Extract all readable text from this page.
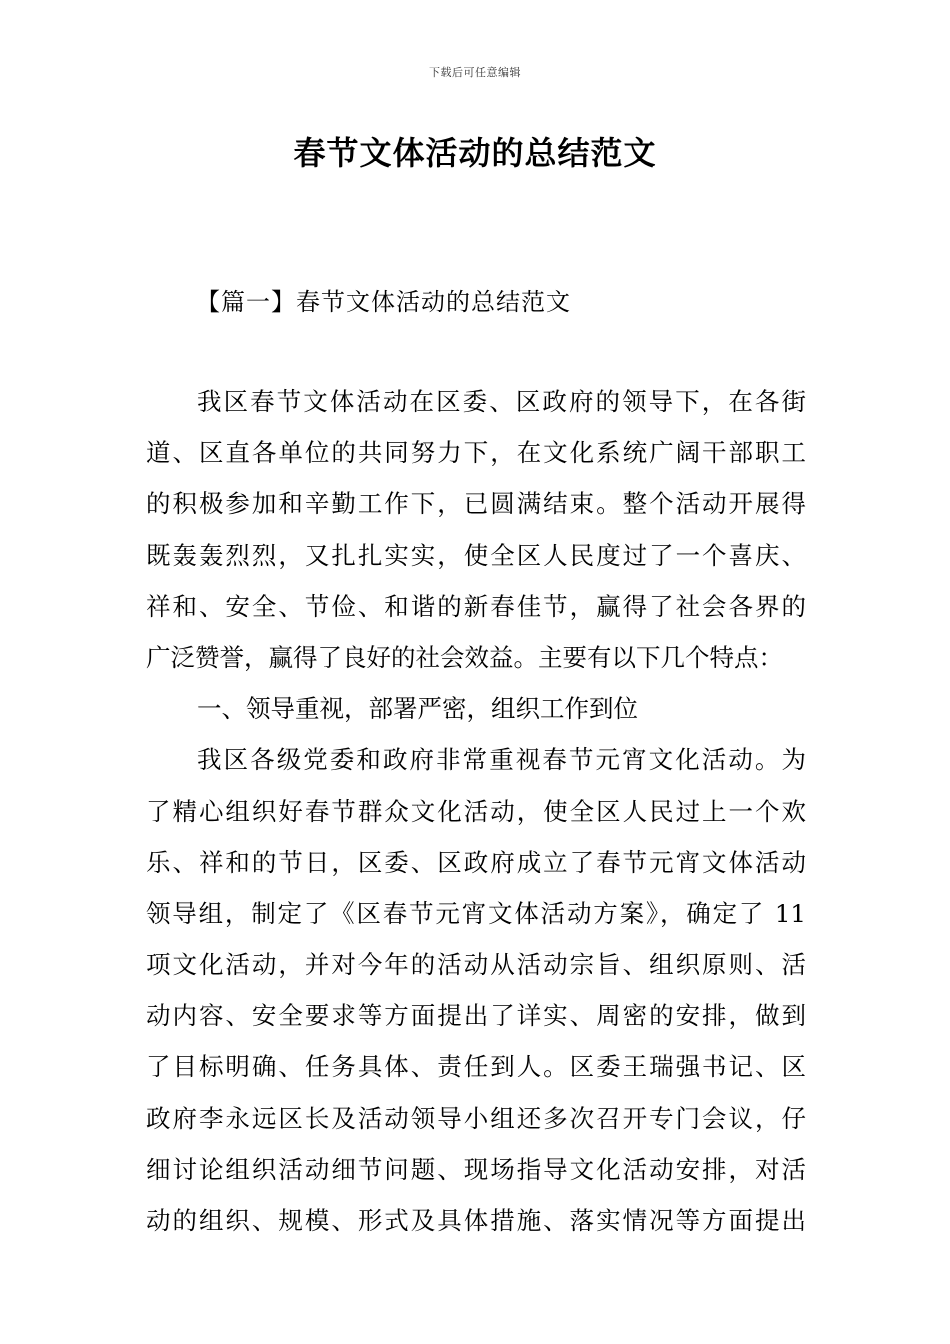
下载后可任意编辑
春节文体活动的总结范文
【篇一】春节文体活动的总结范文
我区春节文体活动在区委、区政府的领导下，在各街
道、区直各单位的共同努力下，在文化系统广阔干部职工
的积极参加和辛勤工作下，已圆满结束。整个活动开展得
既轰轰烈烈，又扎扎实实，使全区人民度过了一个喜庆、
祥和、安全、节俭、和谐的新春佳节，赢得了社会各界的
广泛赞誉，赢得了良好的社会效益。主要有以下几个特点：
一、领导重视，部署严密，组织工作到位
我区各级党委和政府非常重视春节元宵文化活动。为
了精心组织好春节群众文化活动，使全区人民过上一个欢
乐、祥和的节日，区委、区政府成立了春节元宵文体活动
领导组，制定了《区春节元宵文体活动方案》，确定了 11
项文化活动，并对今年的活动从活动宗旨、组织原则、活
动内容、安全要求等方面提出了详实、周密的安排，做到
了目标明确、任务具体、责任到人。区委王瑞强书记、区
政府李永远区长及活动领导小组还多次召开专门会议，仔
细讨论组织活动细节问题、现场指导文化活动安排，对活
动的组织、规模、形式及具体措施、落实情况等方面提出
